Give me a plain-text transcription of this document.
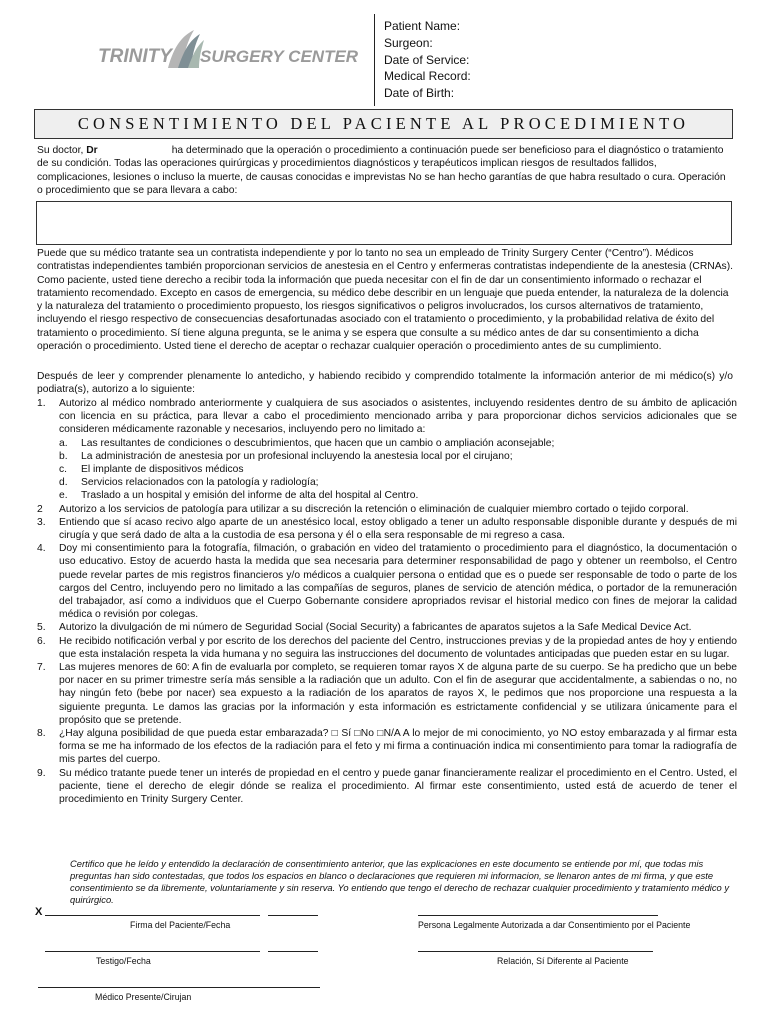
TRINITY SURGERY CENTER
Patient Name:
Surgeon:
Date of Service:
Medical Record:
Date of Birth:
CONSENTIMIENTO DEL PACIENTE AL PROCEDIMIENTO
Su doctor, Dr	ha determinado que la operación o procedimiento a continuación puede ser beneficioso para el diagnóstico o tratamiento de su condición. Todas las operaciones quirúrgicas y procedimientos diagnósticos y terapéuticos implican riesgos de resultados fallidos, complicaciones, lesiones o incluso la muerte, de causas conocidas e imprevistas No se han hecho garantías de que habra resultado o cura. Operación o procedimiento que se para llevara a cabo:
Puede que su médico tratante sea un contratista independiente y por lo tanto no sea un empleado de Trinity Surgery Center (“Centro”). Médicos contratistas independientes también proporcionan servicios de anestesia en el Centro y enfermeras contratistas independiente de la anestesia (CRNAs). Como paciente, usted tiene derecho a recibir toda la información que pueda necesitar con el fin de dar un consentimiento informado o rechazar el tratamiento recomendado. Excepto en casos de emergencia, su médico debe describir en un lenguaje que pueda entender, la naturaleza de la dolencia y la naturaleza del tratamiento o procedimiento propuesto, los riesgos significativos o peligros involucrados, los cursos alternativos de tratamiento, incluyendo el riesgo respectivo de consecuencias desafortunadas asociado con el tratamiento o procedimiento, y la probabilidad relativa de éxito del tratamiento o procedimiento. Sí tiene alguna pregunta, se le anima y se espera que consulte a su médico antes de dar su consentimiento a dicha operación o procedimiento. Usted tiene el derecho de aceptar o rechazar cualquier operación o procedimiento antes de su cumplimiento.
Después de leer y comprender plenamente lo antedicho, y habiendo recibido y comprendido totalmente la información anterior de mi médico(s) y/o podiatra(s), autorizo a lo siguiente:
1. Autorizo al médico nombrado anteriormente y cualquiera de sus asociados o asistentes, incluyendo residentes dentro de su ámbito de aplicación con licencia en su práctica, para llevar a cabo el procedimiento mencionado arriba y para proporcionar dichos servicios adicionales que se consideren médicamente razonable y necesarios, incluyendo pero no limitado a:
a. Las resultantes de condiciones o descubrimientos, que hacen que un cambio o ampliación aconsejable;
b. La administración de anestesia por un profesional incluyendo la anestesia local por el cirujano;
c. El implante de dispositivos médicos
d. Servicios relacionados con la patología y radiología;
e. Traslado a un hospital y emisión del informe de alta del hospital al Centro.
2 Autorizo a los servicios de patología para utilizar a su discreción la retención o eliminación de cualquier miembro cortado o tejido corporal.
3. Entiendo que sí acaso recivo algo aparte de un anestésico local, estoy obligado a tener un adulto responsable disponible durante y después de mi cirugía y que será dado de alta a la custodia de esa persona y él o ella sera responsable de mi regreso a casa.
4. Doy mi consentimiento para la fotografía, filmación, o grabación en video del tratamiento o procedimiento para el diagnóstico, la documentación o uso educativo. Estoy de acuerdo hasta la medida que sea necesaria para determiner responsabilidad de pago y obtener un reembolso, el Centro puede revelar partes de mis registros financieros y/o médicos a cualquier persona o entidad que es o puede ser responsable de todo o parte de los cargos del Centro, incluyendo pero no limitado a las compañías de seguros, planes de servicio de atención médica, o portador de la remuneración del trabajador, así como a individuos que el Cuerpo Gobernante considere apropriados revisar el historial medico con fines de mejorar la calidad médica o revisión por colegas.
5. Autorizo la divulgación de mi número de Seguridad Social (Social Security) a fabricantes de aparatos sujetos a la Safe Medical Device Act.
6. He recibido notificación verbal y por escrito de los derechos del paciente del Centro, instrucciones previas y de la propiedad antes de hoy y entiendo que esta instalación respeta la vida humana y no seguira las instrucciones del documento de voluntades anticipadas que pueden estar en su lugar.
7. Las mujeres menores de 60: A fin de evaluarla por completo, se requieren tomar rayos X de alguna parte de su cuerpo. Se ha predicho que un bebe por nacer en su primer trimestre sería más sensible a la radiación que un adulto. Con el fin de asegurar que accidentalmente, a sabiendas o no, no hay ningún feto (bebe por nacer) sea expuesto a la radiación de los aparatos de rayos X, le pedimos que nos proporcione una respuesta a la siguiente pregunta. Le damos las gracias por la información y esta información es estrictamente confidencial y se utilizara únicamente para el propósito que se pretende.
8. ¿Hay alguna posibilidad de que pueda estar embarazada? □ Sí □No □N/A A lo mejor de mi conocimiento, yo NO estoy embarazada y al firmar esta forma se me ha informado de los efectos de la radiación para el feto y mi firma a continuación indica mi consentimiento para tomar la radiografía de mis partes del cuerpo.
9. Su médico tratante puede tener un interés de propiedad en el centro y puede ganar financieramente realizar el procedimiento en el Centro. Usted, el paciente, tiene el derecho de elegir dónde se realiza el procedimiento. Al firmar este consentimiento, usted está de acuerdo de tener el procedimiento en Trinity Surgery Center.
Certifico que he leído y entendido la declaración de consentimiento anterior, que las explicaciones en este documento se entiende por mí, que todas mis preguntas han sido contestadas, que todos los espacios en blanco o declaraciones que requieren mi informacion, se llenaron antes de mi firma, y que este consentimiento se da libremente, voluntariamente y sin reserva. Yo entiendo que tengo el derecho de rechazar cualquier procedimiento y tratamiento médico y quirúrgico.
X
Firma del Paciente/Fecha	Persona Legalmente Autorizada a dar Consentimiento por el Paciente
Testigo/Fecha	Relación, Sí Diferente al Paciente
Médico Presente/Cirujan
